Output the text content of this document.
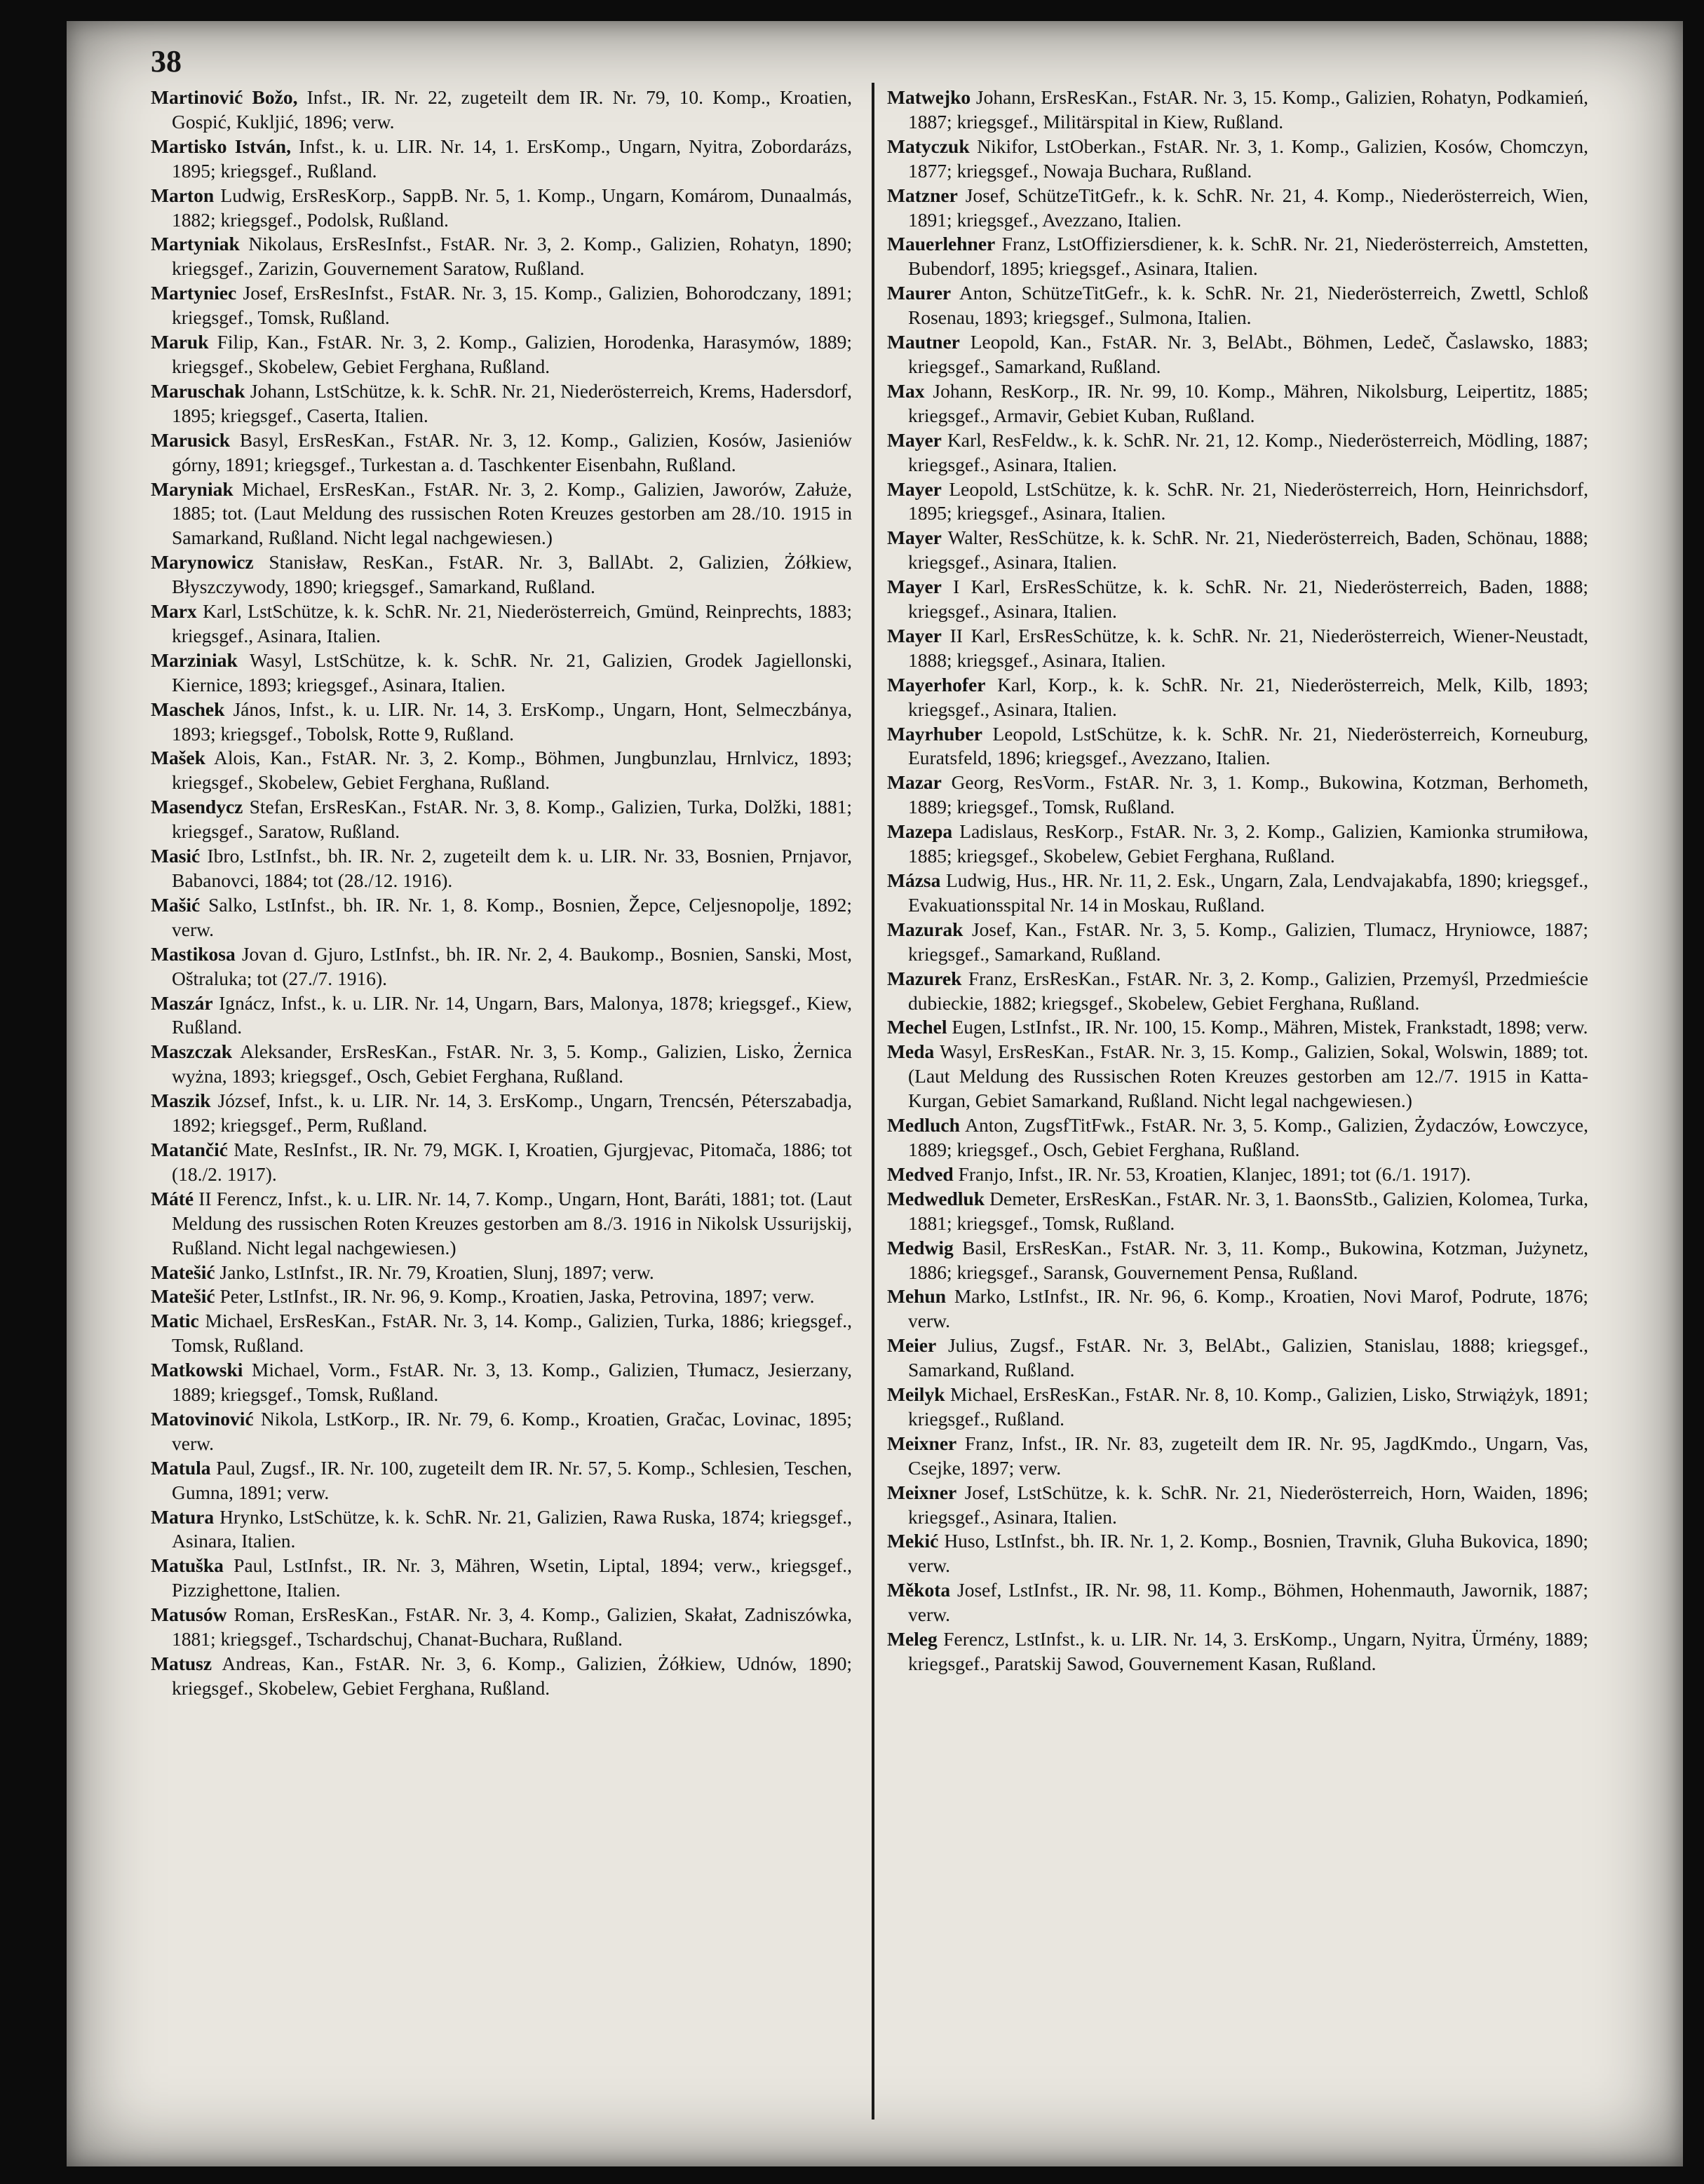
38

Martinović Božo, Infst., IR. Nr. 22, zugeteilt dem IR. Nr. 79, 10. Komp., Kroatien, Gospić, Kukljić, 1896; verw.

Martisko István, Infst., k. u. LIR. Nr. 14, 1. ErsKomp., Ungarn, Nyitra, Zobordarázs, 1895; kriegsgef., Rußland.

Marton Ludwig, ErsResKorp., SappB. Nr. 5, 1. Komp., Ungarn, Komárom, Dunaalmás, 1882; kriegsgef., Podolsk, Rußland.

Martyniak Nikolaus, ErsResInfst., FstAR. Nr. 3, 2. Komp., Galizien, Rohatyn, 1890; kriegsgef., Zarizin, Gouvernement Saratow, Rußland.

Martyniec Josef, ErsResInfst., FstAR. Nr. 3, 15. Komp., Galizien, Bohorodczany, 1891; kriegsgef., Tomsk, Rußland.

Maruk Filip, Kan., FstAR. Nr. 3, 2. Komp., Galizien, Horodenka, Harasymów, 1889; kriegsgef., Skobelew, Gebiet Ferghana, Rußland.

Maruschak Johann, LstSchütze, k. k. SchR. Nr. 21, Niederösterreich, Krems, Hadersdorf, 1895; kriegsgef., Caserta, Italien.

Marusick Basyl, ErsResKan., FstAR. Nr. 3, 12. Komp., Galizien, Kosów, Jasieniów górny, 1891; kriegsgef., Turkestan a. d. Taschkenter Eisenbahn, Rußland.

Maryniak Michael, ErsResKan., FstAR. Nr. 3, 2. Komp., Galizien, Jaworów, Załuże, 1885; tot. (Laut Meldung des russischen Roten Kreuzes gestorben am 28./10. 1915 in Samarkand, Rußland. Nicht legal nachgewiesen.)

Marynowicz Stanisław, ResKan., FstAR. Nr. 3, BallAbt. 2, Galizien, Żółkiew, Błyszczywody, 1890; kriegsgef., Samarkand, Rußland.

Marx Karl, LstSchütze, k. k. SchR. Nr. 21, Niederösterreich, Gmünd, Reinprechts, 1883; kriegsgef., Asinara, Italien.

Marziniak Wasyl, LstSchütze, k. k. SchR. Nr. 21, Galizien, Grodek Jagiellonski, Kiernice, 1893; kriegsgef., Asinara, Italien.

Maschek János, Infst., k. u. LIR. Nr. 14, 3. ErsKomp., Ungarn, Hont, Selmeczbánya, 1893; kriegsgef., Tobolsk, Rotte 9, Rußland.

Mašek Alois, Kan., FstAR. Nr. 3, 2. Komp., Böhmen, Jungbunzlau, Hrnlvicz, 1893; kriegsgef., Skobelew, Gebiet Ferghana, Rußland.

Masendycz Stefan, ErsResKan., FstAR. Nr. 3, 8. Komp., Galizien, Turka, Dolžki, 1881; kriegsgef., Saratow, Rußland.

Masić Ibro, LstInfst., bh. IR. Nr. 2, zugeteilt dem k. u. LIR. Nr. 33, Bosnien, Prnjavor, Babanovci, 1884; tot (28./12. 1916).

Mašić Salko, LstInfst., bh. IR. Nr. 1, 8. Komp., Bosnien, Žepce, Celjesnopolje, 1892; verw.

Mastikosa Jovan d. Gjuro, LstInfst., bh. IR. Nr. 2, 4. Baukomp., Bosnien, Sanski, Most, Oštraluka; tot (27./7. 1916).

Maszár Ignácz, Infst., k. u. LIR. Nr. 14, Ungarn, Bars, Malonya, 1878; kriegsgef., Kiew, Rußland.

Maszczak Aleksander, ErsResKan., FstAR. Nr. 3, 5. Komp., Galizien, Lisko, Żernica wyżna, 1893; kriegsgef., Osch, Gebiet Ferghana, Rußland.

Maszik József, Infst., k. u. LIR. Nr. 14, 3. ErsKomp., Ungarn, Trencsén, Péterszabadja, 1892; kriegsgef., Perm, Rußland.

Matančić Mate, ResInfst., IR. Nr. 79, MGK. I, Kroatien, Gjurgjevac, Pitomača, 1886; tot (18./2. 1917).

Máté II Ferencz, Infst., k. u. LIR. Nr. 14, 7. Komp., Ungarn, Hont, Baráti, 1881; tot. (Laut Meldung des russischen Roten Kreuzes gestorben am 8./3. 1916 in Nikolsk Ussurijskij, Rußland. Nicht legal nachgewiesen.)

Matešić Janko, LstInfst., IR. Nr. 79, Kroatien, Slunj, 1897; verw.

Matešić Peter, LstInfst., IR. Nr. 96, 9. Komp., Kroatien, Jaska, Petrovina, 1897; verw.

Matic Michael, ErsResKan., FstAR. Nr. 3, 14. Komp., Galizien, Turka, 1886; kriegsgef., Tomsk, Rußland.

Matkowski Michael, Vorm., FstAR. Nr. 3, 13. Komp., Galizien, Tłumacz, Jesierzany, 1889; kriegsgef., Tomsk, Rußland.

Matovinović Nikola, LstKorp., IR. Nr. 79, 6. Komp., Kroatien, Gračac, Lovinac, 1895; verw.

Matula Paul, Zugsf., IR. Nr. 100, zugeteilt dem IR. Nr. 57, 5. Komp., Schlesien, Teschen, Gumna, 1891; verw.

Matura Hrynko, LstSchütze, k. k. SchR. Nr. 21, Galizien, Rawa Ruska, 1874; kriegsgef., Asinara, Italien.

Matuška Paul, LstInfst., IR. Nr. 3, Mähren, Wsetin, Liptal, 1894; verw., kriegsgef., Pizzighettone, Italien.

Matusów Roman, ErsResKan., FstAR. Nr. 3, 4. Komp., Galizien, Skałat, Zadniszówka, 1881; kriegsgef., Tschardschuj, Chanat-Buchara, Rußland.

Matusz Andreas, Kan., FstAR. Nr. 3, 6. Komp., Galizien, Żółkiew, Udnów, 1890; kriegsgef., Skobelew, Gebiet Ferghana, Rußland.

Matwejko Johann, ErsResKan., FstAR. Nr. 3, 15. Komp., Galizien, Rohatyn, Podkamień, 1887; kriegsgef., Militärspital in Kiew, Rußland.

Matyczuk Nikifor, LstOberkan., FstAR. Nr. 3, 1. Komp., Galizien, Kosów, Chomczyn, 1877; kriegsgef., Nowaja Buchara, Rußland.

Matzner Josef, SchützeTitGefr., k. k. SchR. Nr. 21, 4. Komp., Niederösterreich, Wien, 1891; kriegsgef., Avezzano, Italien.

Mauerlehner Franz, LstOffiziersdiener, k. k. SchR. Nr. 21, Niederösterreich, Amstetten, Bubendorf, 1895; kriegsgef., Asinara, Italien.

Maurer Anton, SchützeTitGefr., k. k. SchR. Nr. 21, Niederösterreich, Zwettl, Schloß Rosenau, 1893; kriegsgef., Sulmona, Italien.

Mautner Leopold, Kan., FstAR. Nr. 3, BelAbt., Böhmen, Ledeč, Časlawsko, 1883; kriegsgef., Samarkand, Rußland.

Max Johann, ResKorp., IR. Nr. 99, 10. Komp., Mähren, Nikolsburg, Leipertitz, 1885; kriegsgef., Armavir, Gebiet Kuban, Rußland.

Mayer Karl, ResFeldw., k. k. SchR. Nr. 21, 12. Komp., Niederösterreich, Mödling, 1887; kriegsgef., Asinara, Italien.

Mayer Leopold, LstSchütze, k. k. SchR. Nr. 21, Niederösterreich, Horn, Heinrichsdorf, 1895; kriegsgef., Asinara, Italien.

Mayer Walter, ResSchütze, k. k. SchR. Nr. 21, Niederösterreich, Baden, Schönau, 1888; kriegsgef., Asinara, Italien.

Mayer I Karl, ErsResSchütze, k. k. SchR. Nr. 21, Niederösterreich, Baden, 1888; kriegsgef., Asinara, Italien.

Mayer II Karl, ErsResSchütze, k. k. SchR. Nr. 21, Niederösterreich, Wiener-Neustadt, 1888; kriegsgef., Asinara, Italien.

Mayerhofer Karl, Korp., k. k. SchR. Nr. 21, Niederösterreich, Melk, Kilb, 1893; kriegsgef., Asinara, Italien.

Mayrhuber Leopold, LstSchütze, k. k. SchR. Nr. 21, Niederösterreich, Korneuburg, Euratsfeld, 1896; kriegsgef., Avezzano, Italien.

Mazar Georg, ResVorm., FstAR. Nr. 3, 1. Komp., Bukowina, Kotzman, Berhometh, 1889; kriegsgef., Tomsk, Rußland.

Mazepa Ladislaus, ResKorp., FstAR. Nr. 3, 2. Komp., Galizien, Kamionka strumiłowa, 1885; kriegsgef., Skobelew, Gebiet Ferghana, Rußland.

Mázsa Ludwig, Hus., HR. Nr. 11, 2. Esk., Ungarn, Zala, Lendvajakabfa, 1890; kriegsgef., Evakuationsspital Nr. 14 in Moskau, Rußland.

Mazurak Josef, Kan., FstAR. Nr. 3, 5. Komp., Galizien, Tlumacz, Hryniowce, 1887; kriegsgef., Samarkand, Rußland.

Mazurek Franz, ErsResKan., FstAR. Nr. 3, 2. Komp., Galizien, Przemyśl, Przedmieście dubieckie, 1882; kriegsgef., Skobelew, Gebiet Ferghana, Rußland.

Mechel Eugen, LstInfst., IR. Nr. 100, 15. Komp., Mähren, Mistek, Frankstadt, 1898; verw.

Meda Wasyl, ErsResKan., FstAR. Nr. 3, 15. Komp., Galizien, Sokal, Wolswin, 1889; tot. (Laut Meldung des Russischen Roten Kreuzes gestorben am 12./7. 1915 in Katta-Kurgan, Gebiet Samarkand, Rußland. Nicht legal nachgewiesen.)

Medluch Anton, ZugsfTitFwk., FstAR. Nr. 3, 5. Komp., Galizien, Żydaczów, Łowczyce, 1889; kriegsgef., Osch, Gebiet Ferghana, Rußland.

Medved Franjo, Infst., IR. Nr. 53, Kroatien, Klanjec, 1891; tot (6./1. 1917).

Medwedluk Demeter, ErsResKan., FstAR. Nr. 3, 1. BaonsStb., Galizien, Kolomea, Turka, 1881; kriegsgef., Tomsk, Rußland.

Medwig Basil, ErsResKan., FstAR. Nr. 3, 11. Komp., Bukowina, Kotzman, Jużynetz, 1886; kriegsgef., Saransk, Gouvernement Pensa, Rußland.

Mehun Marko, LstInfst., IR. Nr. 96, 6. Komp., Kroatien, Novi Marof, Podrute, 1876; verw.

Meier Julius, Zugsf., FstAR. Nr. 3, BelAbt., Galizien, Stanislau, 1888; kriegsgef., Samarkand, Rußland.

Meilyk Michael, ErsResKan., FstAR. Nr. 8, 10. Komp., Galizien, Lisko, Strwiążyk, 1891; kriegsgef., Rußland.

Meixner Franz, Infst., IR. Nr. 83, zugeteilt dem IR. Nr. 95, JagdKmdo., Ungarn, Vas, Csejke, 1897; verw.

Meixner Josef, LstSchütze, k. k. SchR. Nr. 21, Niederösterreich, Horn, Waiden, 1896; kriegsgef., Asinara, Italien.

Mekić Huso, LstInfst., bh. IR. Nr. 1, 2. Komp., Bosnien, Travnik, Gluha Bukovica, 1890; verw.

Měkota Josef, LstInfst., IR. Nr. 98, 11. Komp., Böhmen, Hohenmauth, Jawornik, 1887; verw.

Meleg Ferencz, LstInfst., k. u. LIR. Nr. 14, 3. ErsKomp., Ungarn, Nyitra, Ürmény, 1889; kriegsgef., Paratskij Sawod, Gouvernement Kasan, Rußland.
